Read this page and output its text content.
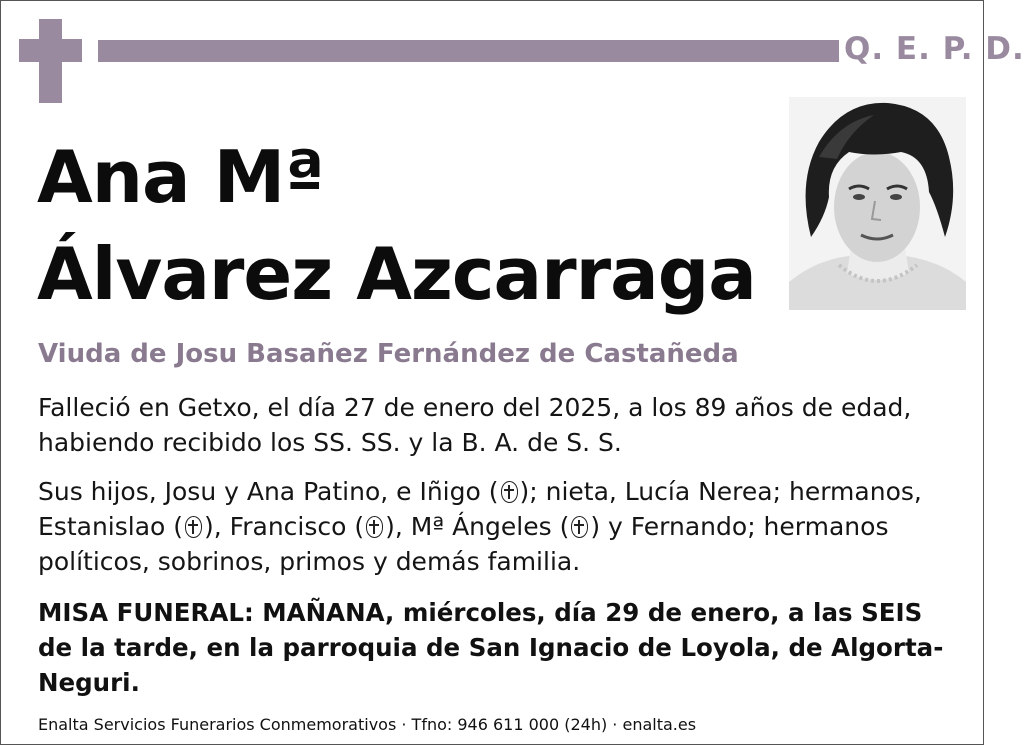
Q. E. P. D.
Ana Mª
Álvarez Azcarraga
Viuda de Josu Basañez Fernández de Castañeda
Falleció en Getxo, el día 27 de enero del 2025, a los 89 años de edad,
habiendo recibido los SS. SS. y la B. A. de S. S.
Sus hijos, Josu y Ana Patino, e Iñigo ( ); nieta, Lucía Nerea; hermanos,
Estanislao ( ), Francisco ( ), Mª Ángeles ( ) y Fernando; hermanos
políticos, sobrinos, primos y demás familia.
MISA FUNERAL: MAÑANA, miércoles, día 29 de enero, a las SEIS
de la tarde, en la parroquia de San Ignacio de Loyola, de Algorta-
Neguri.
Enalta Servicios Funerarios Conmemorativos · Tfno: 946 611 000 (24h) · enalta.es
